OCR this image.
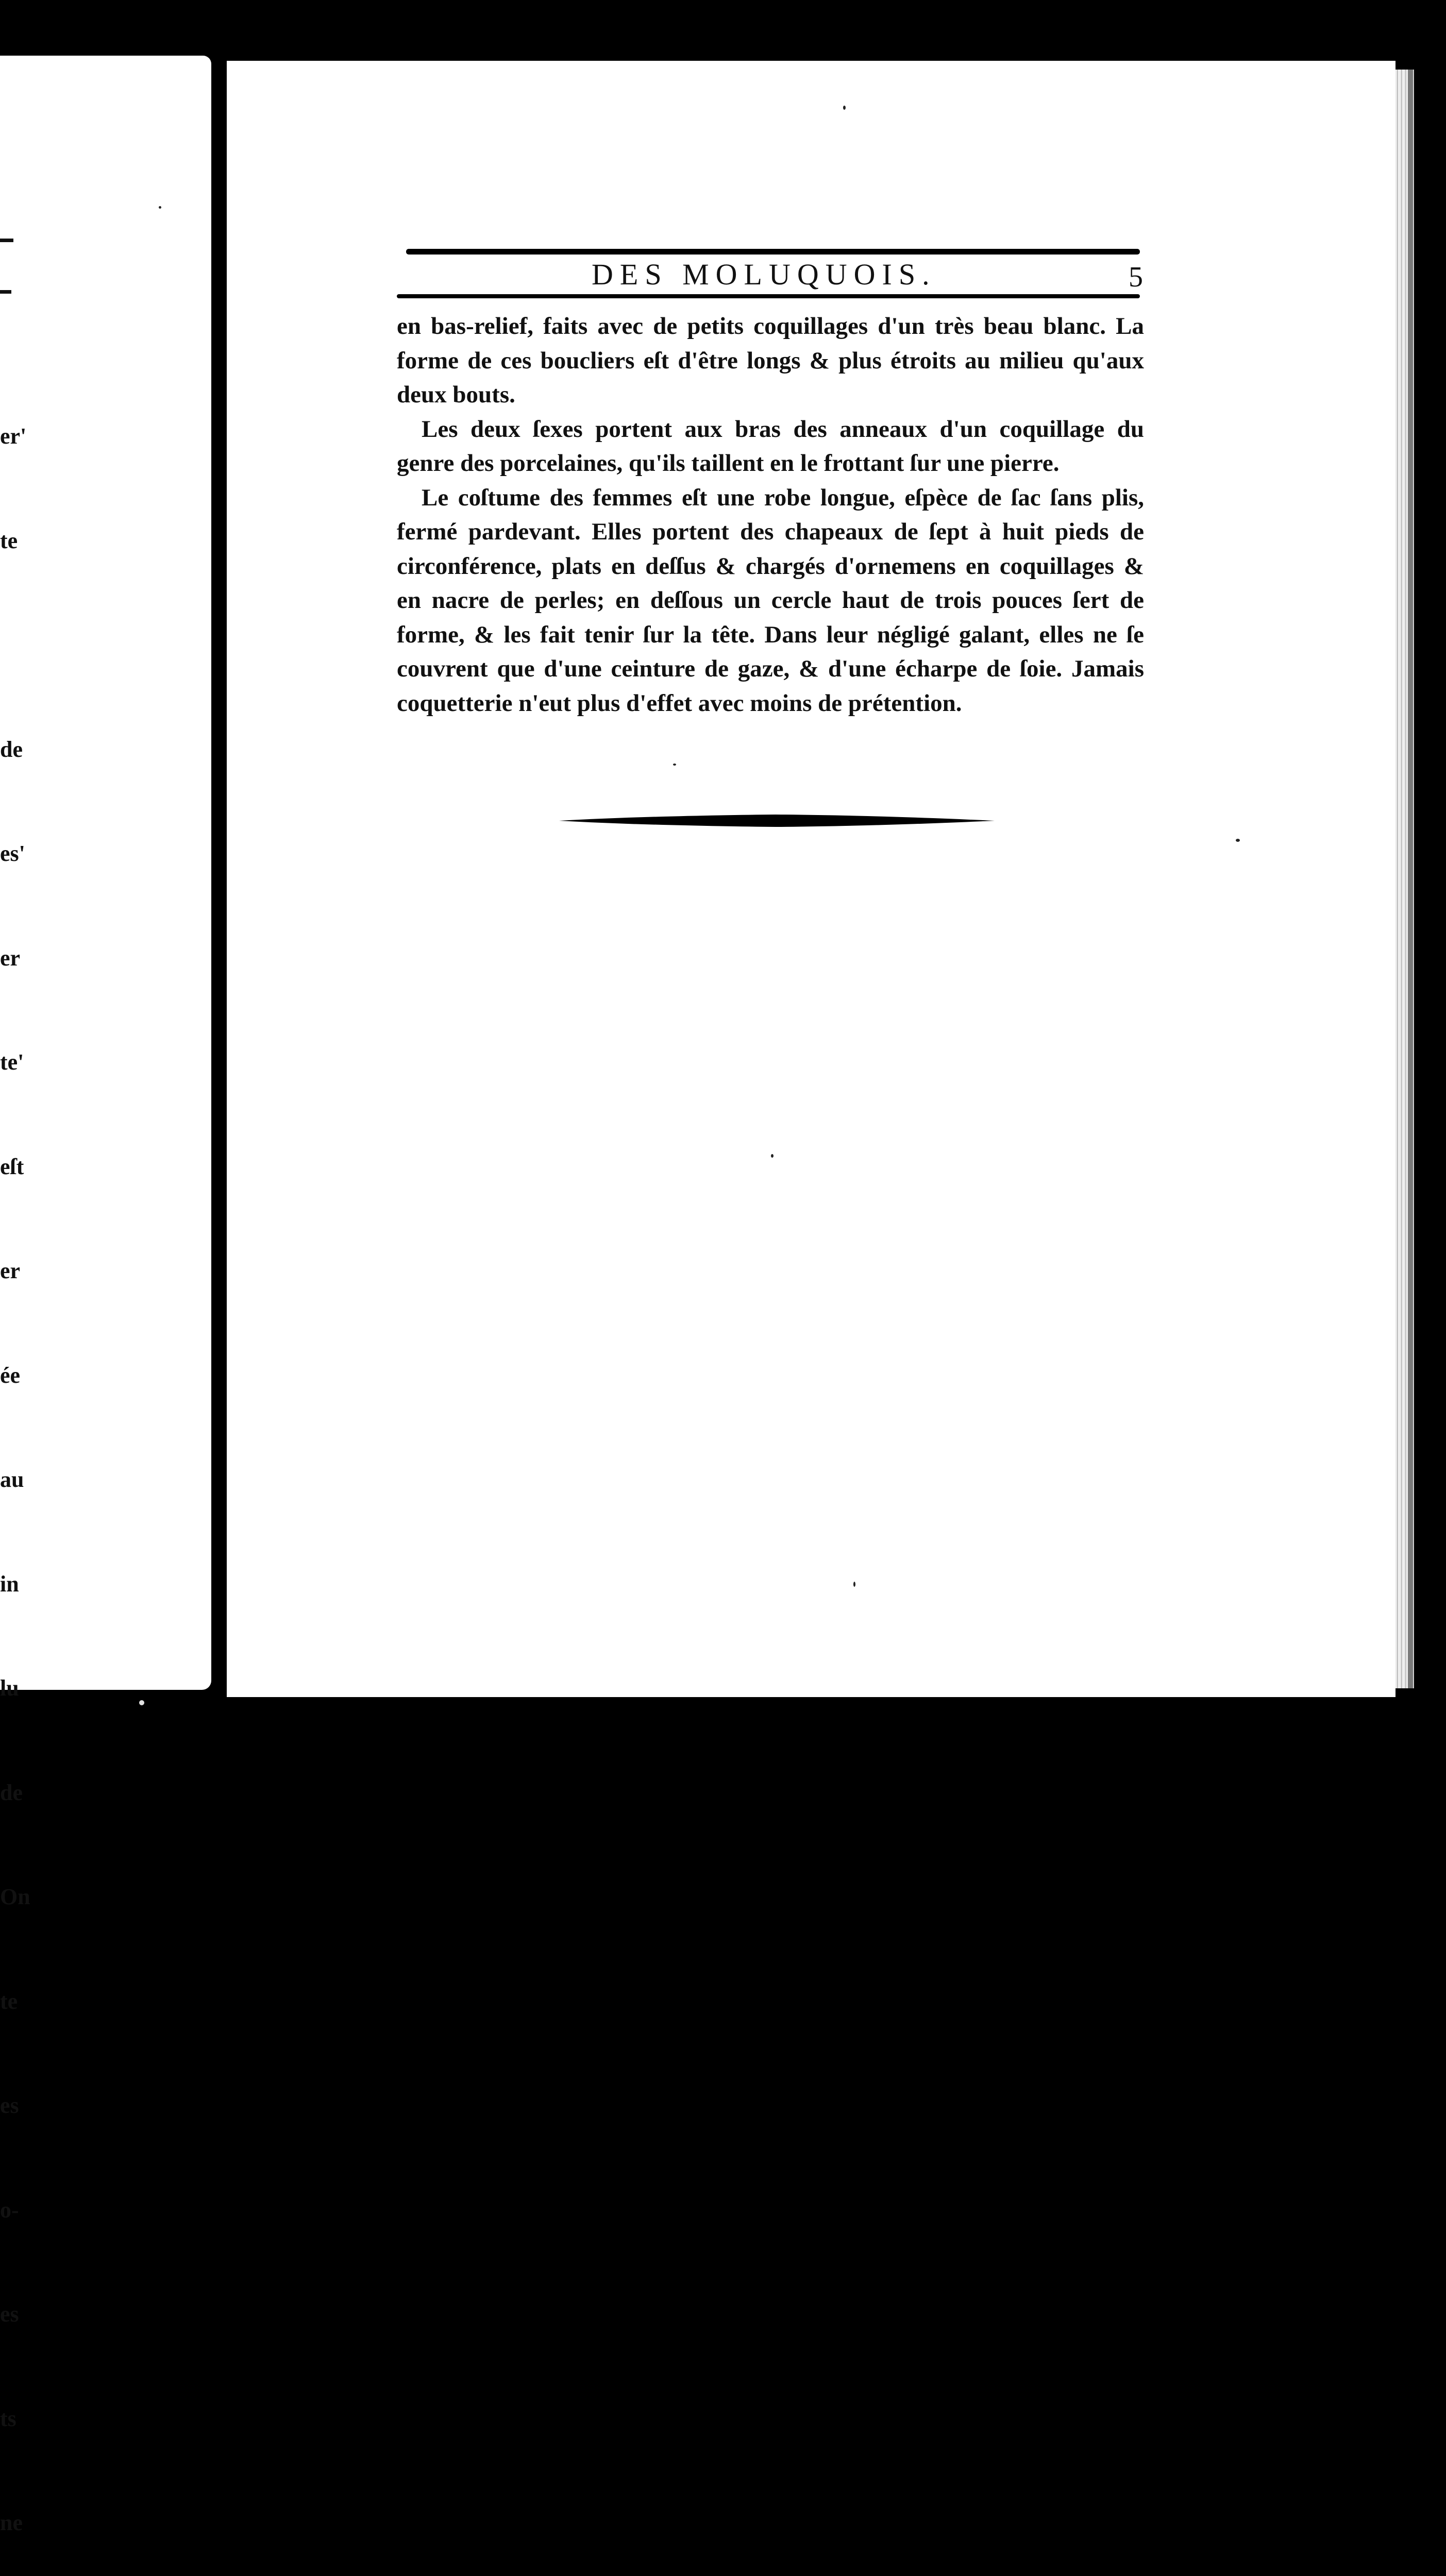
er'

te

de

es'

er

te'

eſt

er

ée

au

in

lu

de

On

te

es

o-

es

ts

ne

DES MOLUQUOIS.	5
en bas-relief, faits avec de petits coquillages d'un très beau blanc. La
forme de ces boucliers eſt d'être longs & plus étroits au milieu qu'aux
deux bouts.
Les deux ſexes portent aux bras des anneaux d'un coquillage du
genre des porcelaines, qu'ils taillent en le frottant ſur une pierre.
Le coſtume des femmes eſt une robe longue, eſpèce de ſac ſans plis,
fermé pardevant. Elles portent des chapeaux de ſept à huit pieds de
circonférence, plats en deſſus & chargés d'ornemens en coquillages &
en nacre de perles; en deſſous un cercle haut de trois pouces ſert de
forme, & les fait tenir ſur la tête. Dans leur négligé galant, elles ne ſe
couvrent que d'une ceinture de gaze, & d'une écharpe de ſoie. Jamais
coquetterie n'eut plus d'effet avec moins de prétention.
